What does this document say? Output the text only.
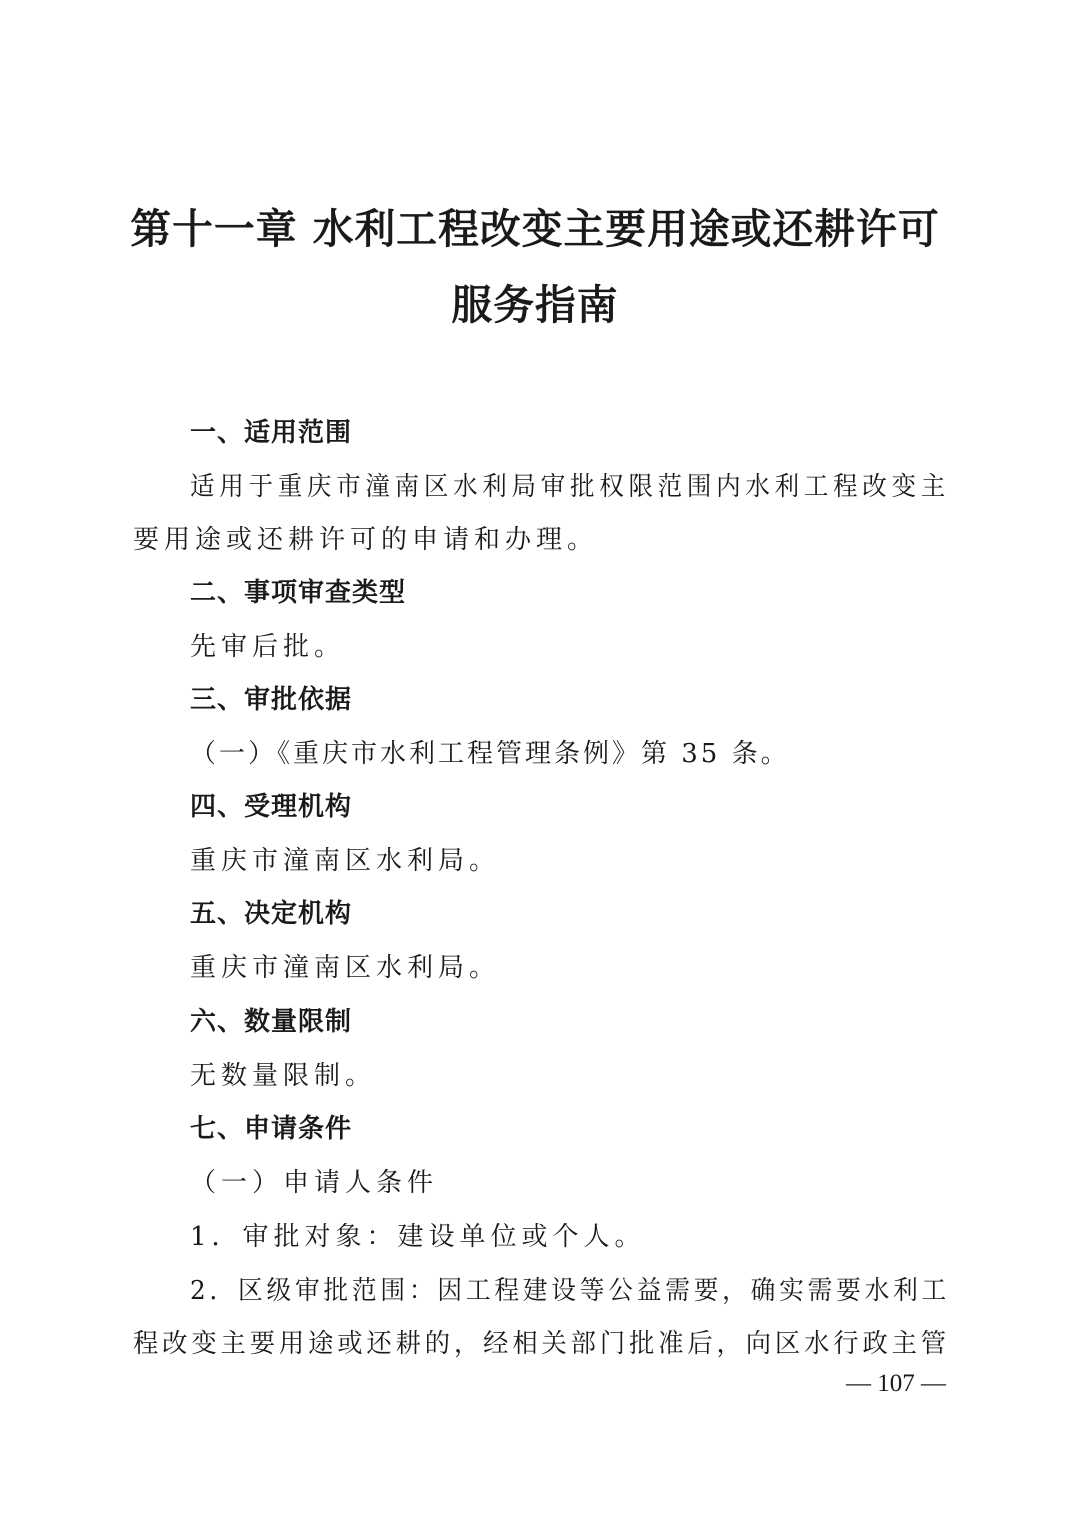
第十一章 水利工程改变主要用途或还耕许可
服务指南
一、适用范围

适用于重庆市潼南区水利局审批权限范围内水利工程改变主

要用途或还耕许可的申请和办理。

二、事项审查类型

先审后批。

三、审批依据

（一）《重庆市水利工程管理条例》第 35 条。

四、受理机构

重庆市潼南区水利局。

五、决定机构

重庆市潼南区水利局。

六、数量限制

无数量限制。

七、申请条件

（一）申请人条件

1．审批对象：建设单位或个人。

2．区级审批范围：因工程建设等公益需要，确实需要水利工

程改变主要用途或还耕的，经相关部门批准后，向区水行政主管

— 107 —
